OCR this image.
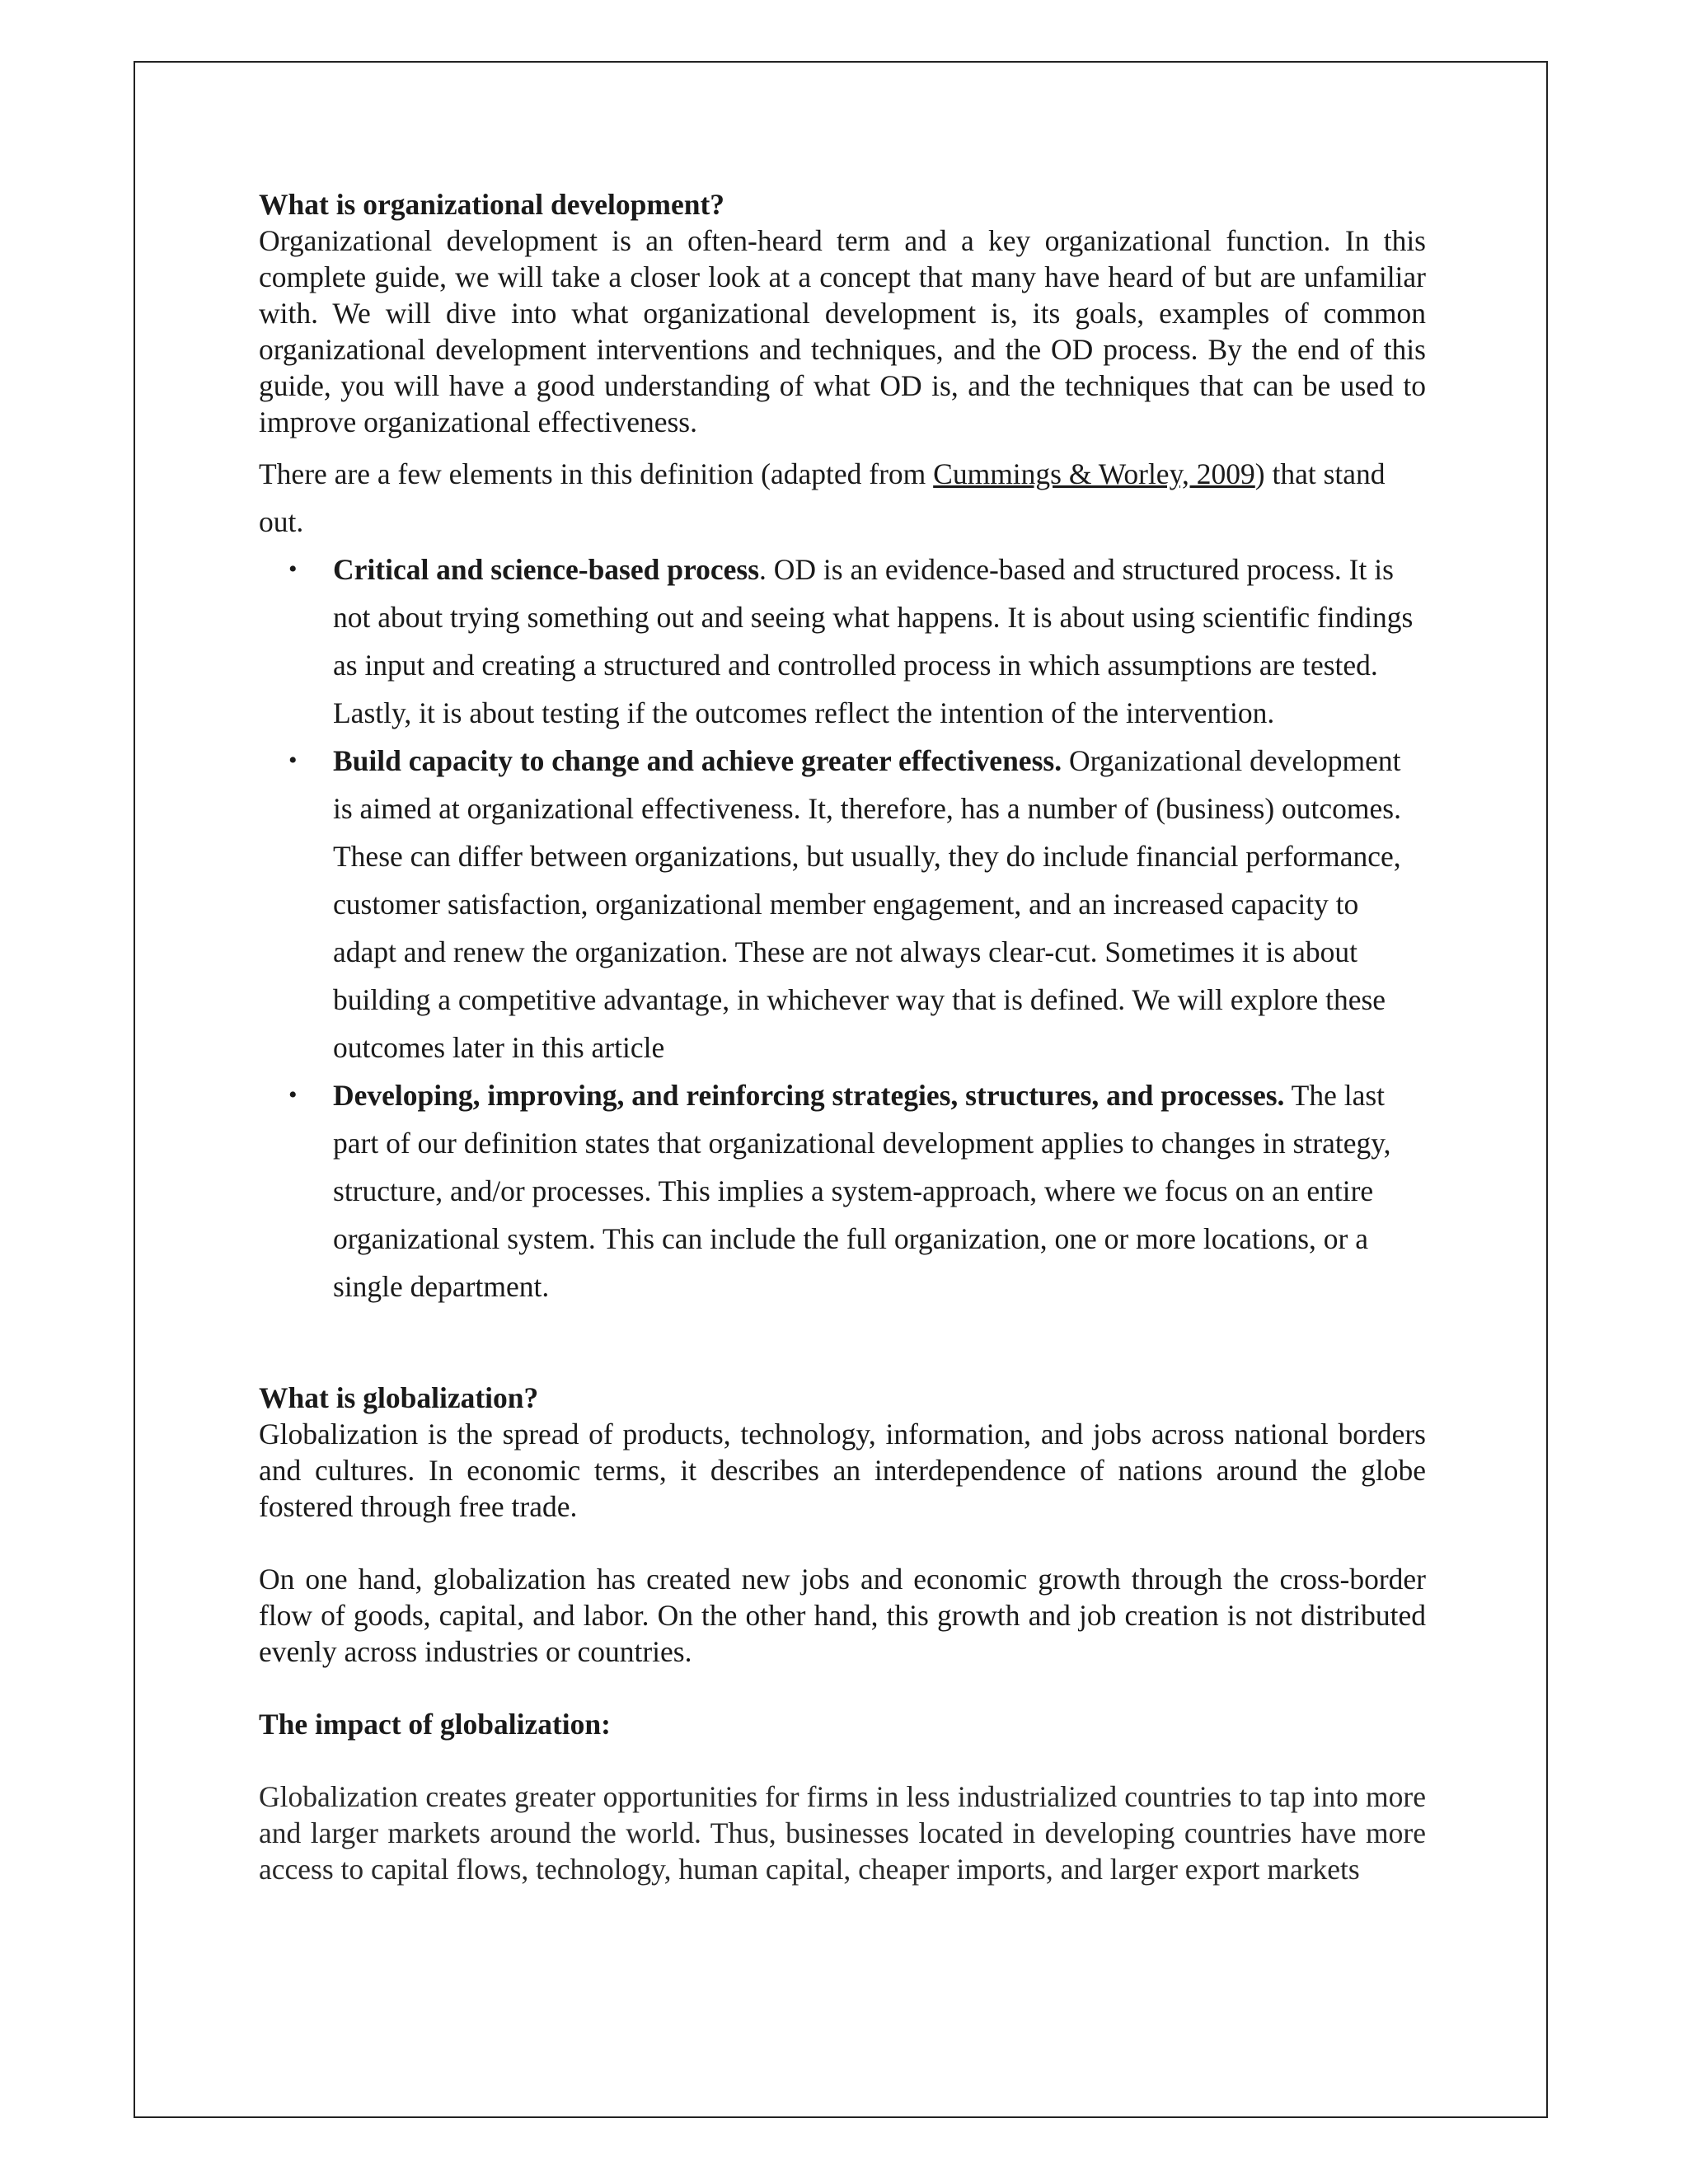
What is organizational development?

Organizational development is an often-heard term and a key organizational function. In this complete guide, we will take a closer look at a concept that many have heard of but are unfamiliar with. We will dive into what organizational development is, its goals, examples of common organizational development interventions and techniques, and the OD process. By the end of this guide, you will have a good understanding of what OD is, and the techniques that can be used to improve organizational effectiveness.

There are a few elements in this definition (adapted from Cummings & Worley, 2009) that stand out.

• Critical and science-based process. OD is an evidence-based and structured process. It is not about trying something out and seeing what happens. It is about using scientific findings as input and creating a structured and controlled process in which assumptions are tested. Lastly, it is about testing if the outcomes reflect the intention of the intervention.
• Build capacity to change and achieve greater effectiveness. Organizational development is aimed at organizational effectiveness. It, therefore, has a number of (business) outcomes. These can differ between organizations, but usually, they do include financial performance, customer satisfaction, organizational member engagement, and an increased capacity to adapt and renew the organization. These are not always clear-cut. Sometimes it is about building a competitive advantage, in whichever way that is defined. We will explore these outcomes later in this article
• Developing, improving, and reinforcing strategies, structures, and processes. The last part of our definition states that organizational development applies to changes in strategy, structure, and/or processes. This implies a system-approach, where we focus on an entire organizational system. This can include the full organization, one or more locations, or a single department.
What is globalization?

Globalization is the spread of products, technology, information, and jobs across national borders and cultures. In economic terms, it describes an interdependence of nations around the globe fostered through free trade.

On one hand, globalization has created new jobs and economic growth through the cross-border flow of goods, capital, and labor. On the other hand, this growth and job creation is not distributed evenly across industries or countries.

The impact of globalization:

Globalization creates greater opportunities for firms in less industrialized countries to tap into more and larger markets around the world. Thus, businesses located in developing countries have more access to capital flows, technology, human capital, cheaper imports, and larger export markets
